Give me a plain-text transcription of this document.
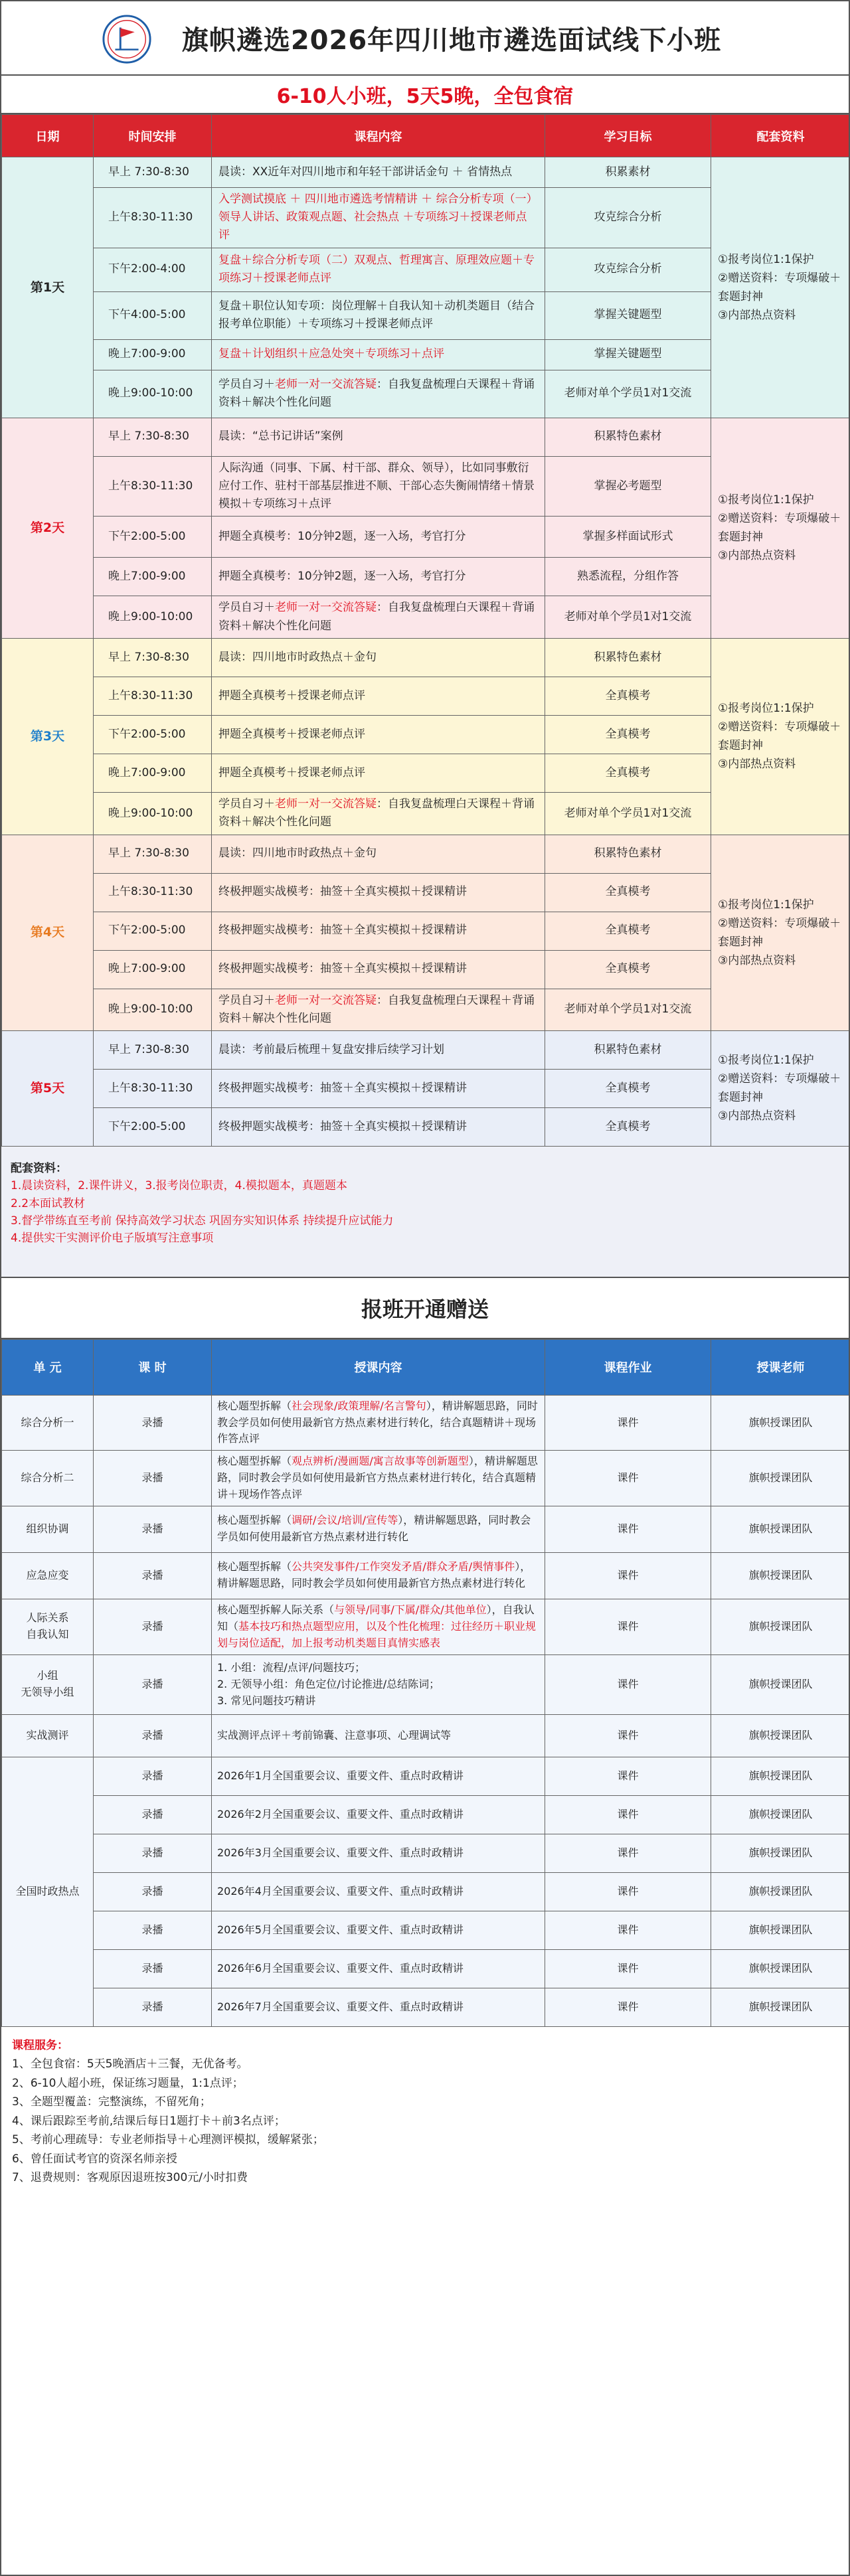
旗帜遴选2026年四川地市遴选面试线下小班
6-10人小班，5天5晚，全包食宿
日期	时间安排	课程内容	学习目标	配套资料
第1天	早上 7:30-8:30	晨读：XX近年对四川地市和年轻干部讲话金句 ＋ 省情热点	积累素材	①报考岗位1:1保护
②赠送资料：专项爆破＋套题封神
③内部热点资料

	上午8:30-11:30	入学测试摸底 ＋ 四川地市遴选考情精讲 ＋ 综合分析专项（一）领导人讲话、政策观点题、社会热点 ＋专项练习＋授课老师点评	攻克综合分析	
	下午2:00-4:00	复盘＋综合分析专项（二）双观点、哲理寓言、原理效应题＋专项练习＋授课老师点评	攻克综合分析	
	下午4:00-5:00	复盘＋职位认知专项：岗位理解＋自我认知＋动机类题目（结合报考单位职能）＋专项练习＋授课老师点评	掌握关键题型	
	晚上7:00-9:00	复盘＋计划组织＋应急处突＋专项练习＋点评	掌握关键题型	
	晚上9:00-10:00	学员自习＋老师一对一交流答疑：自我复盘梳理白天课程＋背诵资料＋解决个性化问题	老师对单个学员1对1交流	
第2天	早上 7:30-8:30	晨读：“总书记讲话”案例	积累特色素材	①报考岗位1:1保护
②赠送资料：专项爆破＋套题封神
③内部热点资料

	上午8:30-11:30	人际沟通（同事、下属、村干部、群众、领导），比如同事敷衍应付工作、驻村干部基层推进不顺、干部心态失衡闹情绪＋情景模拟＋专项练习＋点评	掌握必考题型	
	下午2:00-5:00	押题全真模考：10分钟2题，逐一入场，考官打分	掌握多样面试形式	
	晚上7:00-9:00	押题全真模考：10分钟2题，逐一入场，考官打分	熟悉流程，分组作答	
	晚上9:00-10:00	学员自习＋老师一对一交流答疑：自我复盘梳理白天课程＋背诵资料＋解决个性化问题	老师对单个学员1对1交流	
第3天	早上 7:30-8:30	晨读：四川地市时政热点＋金句	积累特色素材	①报考岗位1:1保护
②赠送资料：专项爆破＋套题封神
③内部热点资料

	上午8:30-11:30	押题全真模考＋授课老师点评	全真模考	
	下午2:00-5:00	押题全真模考＋授课老师点评	全真模考	
	晚上7:00-9:00	押题全真模考＋授课老师点评	全真模考	
	晚上9:00-10:00	学员自习＋老师一对一交流答疑：自我复盘梳理白天课程＋背诵资料＋解决个性化问题	老师对单个学员1对1交流	
第4天	早上 7:30-8:30	晨读：四川地市时政热点＋金句	积累特色素材	①报考岗位1:1保护
②赠送资料：专项爆破＋套题封神
③内部热点资料

	上午8:30-11:30	终极押题实战模考：抽签＋全真实模拟＋授课精讲	全真模考	
	下午2:00-5:00	终极押题实战模考：抽签＋全真实模拟＋授课精讲	全真模考	
	晚上7:00-9:00	终极押题实战模考：抽签＋全真实模拟＋授课精讲	全真模考	
	晚上9:00-10:00	学员自习＋老师一对一交流答疑：自我复盘梳理白天课程＋背诵资料＋解决个性化问题	老师对单个学员1对1交流	
第5天	早上 7:30-8:30	晨读：考前最后梳理＋复盘安排后续学习计划	积累特色素材	①报考岗位1:1保护
②赠送资料：专项爆破＋套题封神
③内部热点资料

	上午8:30-11:30	终极押题实战模考：抽签＋全真实模拟＋授课精讲	全真模考	
	下午2:00-5:00	终极押题实战模考：抽签＋全真实模拟＋授课精讲	全真模考	
配套资料：
1.晨读资料，2.课件讲义，3.报考岗位职责，4.模拟题本，真题题本
2.2本面试教材
3.督学带练直至考前 保持高效学习状态 巩固夯实知识体系 持续提升应试能力
4.提供实干实测评价电子版填写注意事项
报班开通赠送
单 元	课 时	授课内容	课程作业	授课老师
综合分析一	录播	核心题型拆解（社会现象/政策理解/名言警句），精讲解题思路，同时教会学员如何使用最新官方热点素材进行转化，结合真题精讲＋现场作答点评	课件	旗帜授课团队
综合分析二	录播	核心题型拆解（观点辨析/漫画题/寓言故事等创新题型），精讲解题思路，同时教会学员如何使用最新官方热点素材进行转化，结合真题精讲＋现场作答点评	课件	旗帜授课团队
组织协调	录播	核心题型拆解（调研/会议/培训/宣传等），精讲解题思路，同时教会学员如何使用最新官方热点素材进行转化	课件	旗帜授课团队
应急应变	录播	核心题型拆解（公共突发事件/工作突发矛盾/群众矛盾/舆情事件），精讲解题思路，同时教会学员如何使用最新官方热点素材进行转化	课件	旗帜授课团队
人际关系
自我认知	录播	核心题型拆解人际关系（与领导/同事/下属/群众/其他单位），自我认知（基本技巧和热点题型应用，以及个性化梳理：过往经历＋职业规划与岗位适配，加上报考动机类题目真情实感表	课件	旗帜授课团队
小组
无领导小组	录播	1. 小组：流程/点评/问题技巧；
2. 无领导小组：角色定位/讨论推进/总结陈词；
3. 常见问题技巧精讲	课件	旗帜授课团队
实战测评	录播	实战测评点评＋考前锦囊、注意事项、心理调试等	课件	旗帜授课团队
全国时政热点	录播	2026年1月全国重要会议、重要文件、重点时政精讲	课件	旗帜授课团队
	录播	2026年2月全国重要会议、重要文件、重点时政精讲	课件	旗帜授课团队
	录播	2026年3月全国重要会议、重要文件、重点时政精讲	课件	旗帜授课团队
	录播	2026年4月全国重要会议、重要文件、重点时政精讲	课件	旗帜授课团队
	录播	2026年5月全国重要会议、重要文件、重点时政精讲	课件	旗帜授课团队
	录播	2026年6月全国重要会议、重要文件、重点时政精讲	课件	旗帜授课团队
	录播	2026年7月全国重要会议、重要文件、重点时政精讲	课件	旗帜授课团队
课程服务：
1、全包食宿：5天5晚酒店＋三餐，无优备考。
2、6-10人超小班，保证练习题量，1:1点评；
3、全题型覆盖：完整演练，不留死角；
4、课后跟踪至考前,结课后每日1题打卡＋前3名点评；
5、考前心理疏导：专业老师指导＋心理测评模拟，缓解紧张；
6、曾任面试考官的资深名师亲授
7、退费规则：客观原因退班按300元/小时扣费
